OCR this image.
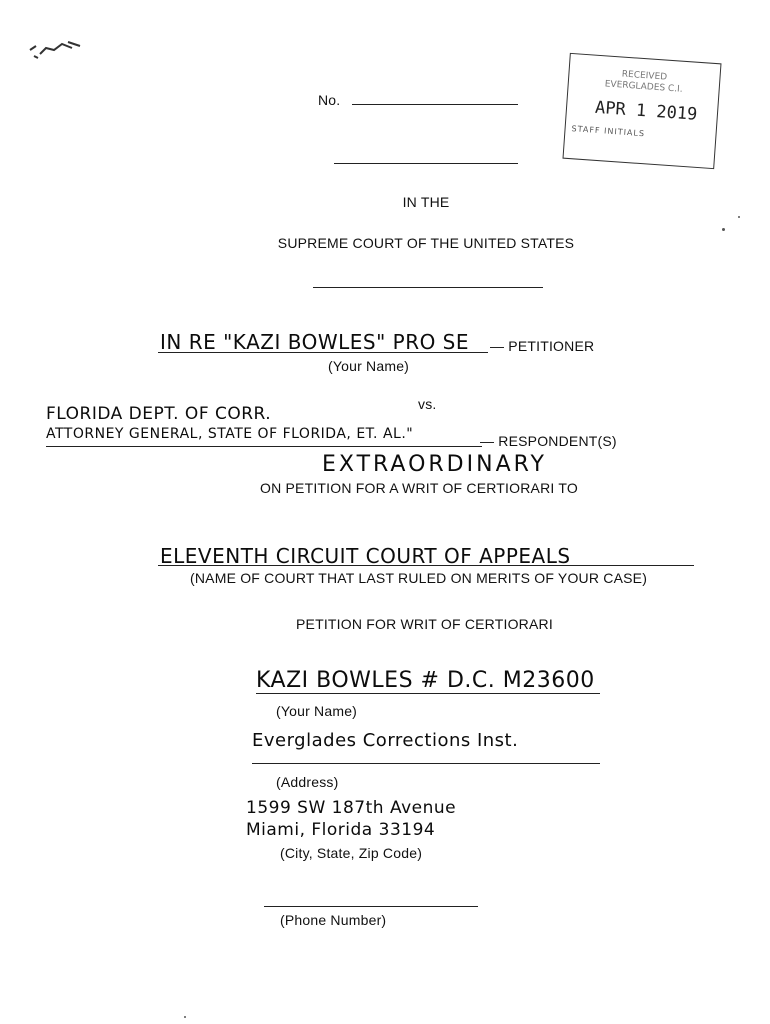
No.
RECEIVED
EVERGLADES C.I.
APR 1 2019
STAFF INITIALS
IN THE
SUPREME COURT OF THE UNITED STATES
IN RE "KAZI BOWLES" PRO SE — PETITIONER
(Your Name)
vs.
FLORIDA DEPT. OF CORR.
ATTORNEY GENERAL, STATE OF FLORIDA, ET. AL."	— RESPONDENT(S)
EXTRAORDINARY
ON PETITION FOR A WRIT OF CERTIORARI TO
ELEVENTH CIRCUIT COURT OF APPEALS
(NAME OF COURT THAT LAST RULED ON MERITS OF YOUR CASE)
PETITION FOR WRIT OF CERTIORARI
KAZI BOWLES # D.C. M23600
(Your Name)
Everglades Corrections Inst.
(Address)
1599 SW 187th Avenue
Miami, Florida 33194
(City, State, Zip Code)
(Phone Number)
